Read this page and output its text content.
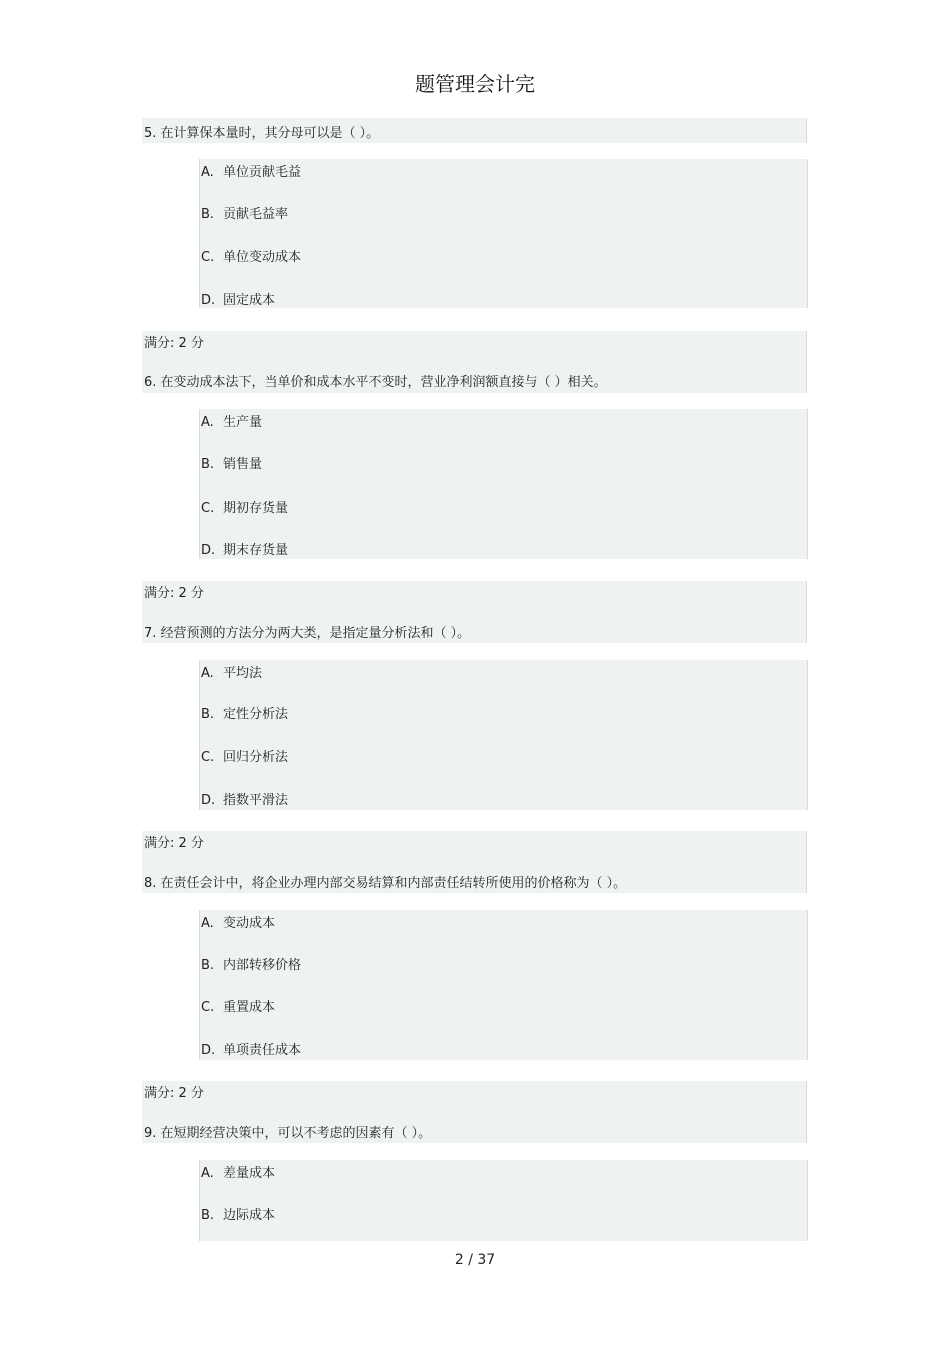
题管理会计完
5. 在计算保本量时，其分母可以是（ ）。
A. 单位贡献毛益
B. 贡献毛益率
C. 单位变动成本
D. 固定成本
满分: 2 分
6. 在变动成本法下，当单价和成本水平不变时，营业净利润额直接与（ ）相关。
A. 生产量
B. 销售量
C. 期初存货量
D. 期末存货量
满分: 2 分
7. 经营预测的方法分为两大类，是指定量分析法和（ ）。
A. 平均法
B. 定性分析法
C. 回归分析法
D. 指数平滑法
满分: 2 分
8. 在责任会计中，将企业办理内部交易结算和内部责任结转所使用的价格称为（ ）。
A. 变动成本
B. 内部转移价格
C. 重置成本
D. 单项责任成本
满分: 2 分
9. 在短期经营决策中，可以不考虑的因素有（ ）。
A. 差量成本
B. 边际成本
2 / 37
